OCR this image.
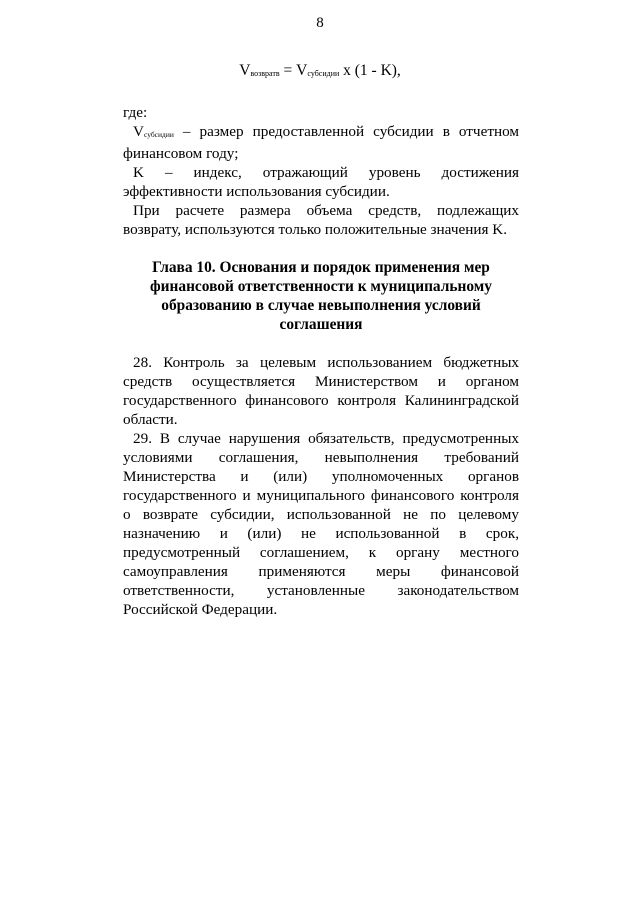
8
$V_{возвратв} = V_{субсидии}$ x (1 - K),

где:

$V_{субсидии}$ – размер предоставленной субсидии в отчетном финансовом году;

K – индекс, отражающий уровень достижения эффективности использования субсидии.

При расчете размера объема средств, подлежащих возврату, используются только положительные значения K.

Глава 10. Основания и порядок применения мер финансовой ответственности к муниципальному образованию в случае невыполнения условий соглашения

28. Контроль за целевым использованием бюджетных средств осуществляется Министерством и органом государственного финансового контроля Калининградской области.

29. В случае нарушения обязательств, предусмотренных условиями соглашения, невыполнения требований Министерства и (или) уполномоченных органов государственного и муниципального финансового контроля о возврате субсидии, использованной не по целевому назначению и (или) не использованной в срок, предусмотренный соглашением, к органу местного самоуправления применяются меры финансовой ответственности, установленные законодательством Российской Федерации.
